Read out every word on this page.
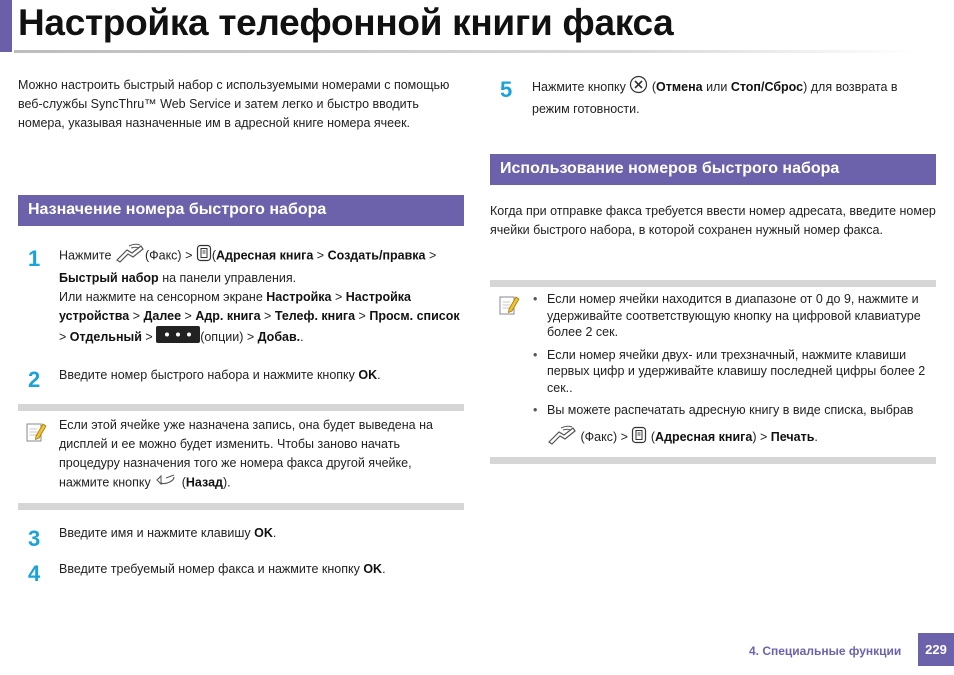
Настройка телефонной книги факса
Можно настроить быстрый набор с используемыми номерами с помощью веб-службы SyncThru™ Web Service и затем легко и быстро вводить номера, указывая назначенные им в адресной книге номера ячеек.
Назначение номера быстрого набора
1 Нажмите	(Факс) > (Адресная книга > Создать/правка > Быстрый набор на панели управления.
Или нажмите на сенсорном экране Настройка > Настройка устройства > Далее > Адр. книга > Телеф. книга > Просм. список > Отдельный >	(опции) > Добав..
2 Введите номер быстрого набора и нажмите кнопку OK.
Если этой ячейке уже назначена запись, она будет выведена на дисплей и ее можно будет изменить. Чтобы заново начать процедуру назначения того же номера факса другой ячейке, нажмите кнопку (Назад).
3 Введите имя и нажмите клавишу OK.
4 Введите требуемый номер факса и нажмите кнопку OK.
5 Нажмите кнопку (Отмена или Стоп/Сброс) для возврата в режим готовности.
Использование номеров быстрого набора
Когда при отправке факса требуется ввести номер адресата, введите номер ячейки быстрого набора, в которой сохранен нужный номер факса.
• Если номер ячейки находится в диапазоне от 0 до 9, нажмите и удерживайте соответствующую кнопку на цифровой клавиатуре более 2 сек.
• Если номер ячейки двух- или трехзначный, нажмите клавиши первых цифр и удерживайте клавишу последней цифры более 2 сек..
• Вы можете распечатать адресную книгу в виде списка, выбрав
(Факс) > (Адресная книга) > Печать.
4. Специальные функции	229
